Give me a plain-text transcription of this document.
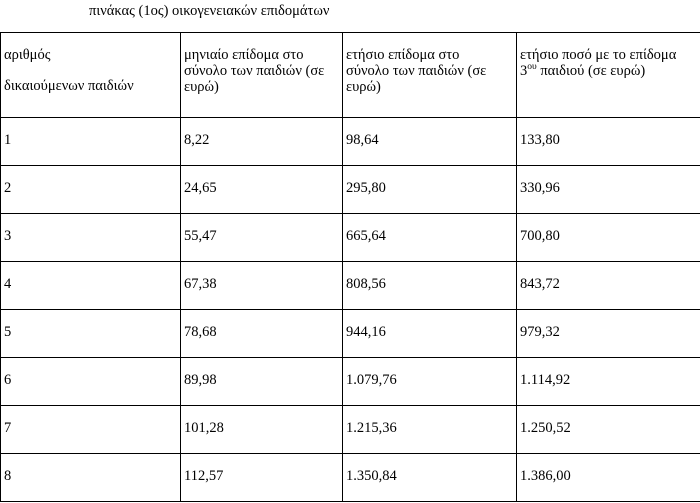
πινάκας (1ος) οικογενειακών επιδομάτων
αριθμός
δικαιούμενων παιδιών

μηνιαίο επίδομα στο
σύνολο των παιδιών (σε
ευρώ)

ετήσιο επίδομα στο
σύνολο των παιδιών (σε
ευρώ)

ετήσιο ποσό με το επίδομα
$3^{o\upsilon}$ παιδιού (σε ευρώ)

1	8,22	98,64	133,80
2	24,65	295,80	330,96
3	55,47	665,64	700,80
4	67,38	808,56	843,72
5	78,68	944,16	979,32
6	89,98	1.079,76	1.114,92
7	101,28	1.215,36	1.250,52
8	112,57	1.350,84	1.386,00
